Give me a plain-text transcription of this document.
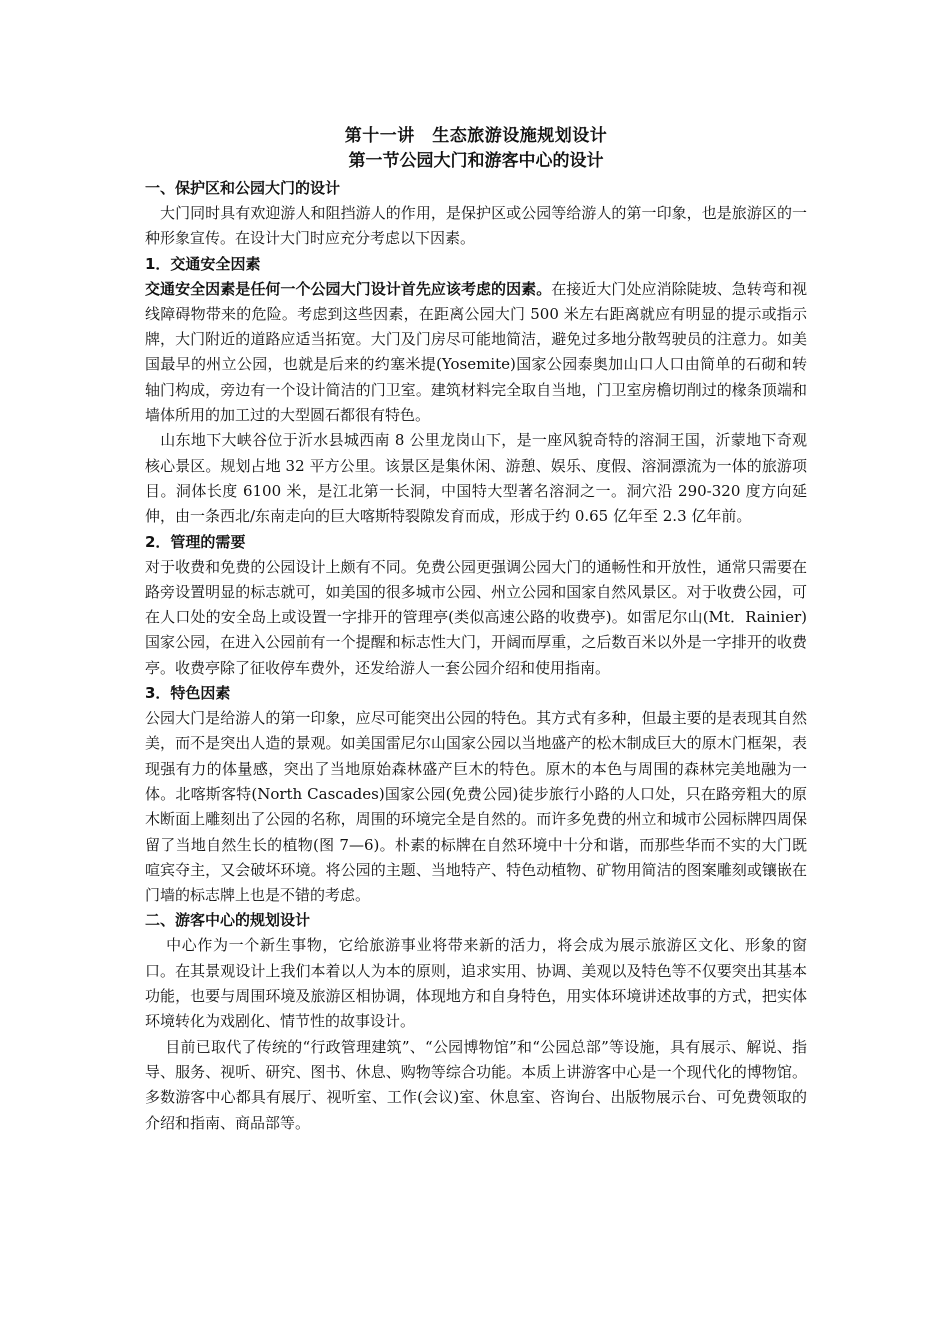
第十一讲　生态旅游设施规划设计
第一节公园大门和游客中心的设计
一、保护区和公园大门的设计

　大门同时具有欢迎游人和阻挡游人的作用，是保护区或公园等给游人的第一印象，也是旅游区的一种形象宣传。在设计大门时应充分考虑以下因素。

1．交通安全因素

交通安全因素是任何一个公园大门设计首先应该考虑的因素。在接近大门处应消除陡坡、急转弯和视线障碍物带来的危险。考虑到这些因素，在距离公园大门 500 米左右距离就应有明显的提示或指示牌，大门附近的道路应适当拓宽。大门及门房尽可能地简洁，避免过多地分散驾驶员的注意力。如美国最早的州立公园，也就是后来的约塞米提(Yosemite)国家公园泰奥加山口人口由简单的石砌和转轴门构成，旁边有一个设计简洁的门卫室。建筑材料完全取自当地，门卫室房檐切削过的椽条顶端和墙体所用的加工过的大型圆石都很有特色。

　山东地下大峡谷位于沂水县城西南 8 公里龙岗山下，是一座风貌奇特的溶洞王国，沂蒙地下奇观核心景区。规划占地 32 平方公里。该景区是集休闲、游憩、娱乐、度假、溶洞漂流为一体的旅游项目。洞体长度 6100 米，是江北第一长洞，中国特大型著名溶洞之一。洞穴沿 290-320 度方向延伸，由一条西北/东南走向的巨大喀斯特裂隙发育而成，形成于约 0.65 亿年至 2.3 亿年前。

2．管理的需要

对于收费和免费的公园设计上颇有不同。免费公园更强调公园大门的通畅性和开放性，通常只需要在路旁设置明显的标志就可，如美国的很多城市公园、州立公园和国家自然风景区。对于收费公园，可在人口处的安全岛上或设置一字排开的管理亭(类似高速公路的收费亭)。如雷尼尔山(Mt．Rainier)国家公园，在进入公园前有一个提醒和标志性大门，开阔而厚重，之后数百米以外是一字排开的收费亭。收费亭除了征收停车费外，还发给游人一套公园介绍和使用指南。

3．特色因素

公园大门是给游人的第一印象，应尽可能突出公园的特色。其方式有多种，但最主要的是表现其自然美，而不是突出人造的景观。如美国雷尼尔山国家公园以当地盛产的松木制成巨大的原木门框架，表现强有力的体量感，突出了当地原始森林盛产巨木的特色。原木的本色与周围的森林完美地融为一体。北喀斯客特(North Cascades)国家公园(免费公园)徒步旅行小路的人口处，只在路旁粗大的原木断面上雕刻出了公园的名称，周围的环境完全是自然的。而许多免费的州立和城市公园标牌四周保留了当地自然生长的植物(图 7—6)。朴素的标牌在自然环境中十分和谐，而那些华而不实的大门既喧宾夺主，又会破坏环境。将公园的主题、当地特产、特色动植物、矿物用简洁的图案雕刻或镶嵌在门墙的标志牌上也是不错的考虑。

二、游客中心的规划设计

　 中心作为一个新生事物，它给旅游事业将带来新的活力，将会成为展示旅游区文化、形象的窗口。在其景观设计上我们本着以人为本的原则，追求实用、协调、美观以及特色等不仅要突出其基本功能，也要与周围环境及旅游区相协调，体现地方和自身特色，用实体环境讲述故事的方式，把实体环境转化为戏剧化、情节性的故事设计。

　 目前已取代了传统的“行政管理建筑”、“公园博物馆”和“公园总部”等设施，具有展示、解说、指导、服务、视听、研究、图书、休息、购物等综合功能。本质上讲游客中心是一个现代化的博物馆。多数游客中心都具有展厅、视听室、工作(会议)室、休息室、咨询台、出版物展示台、可免费领取的介绍和指南、商品部等。
